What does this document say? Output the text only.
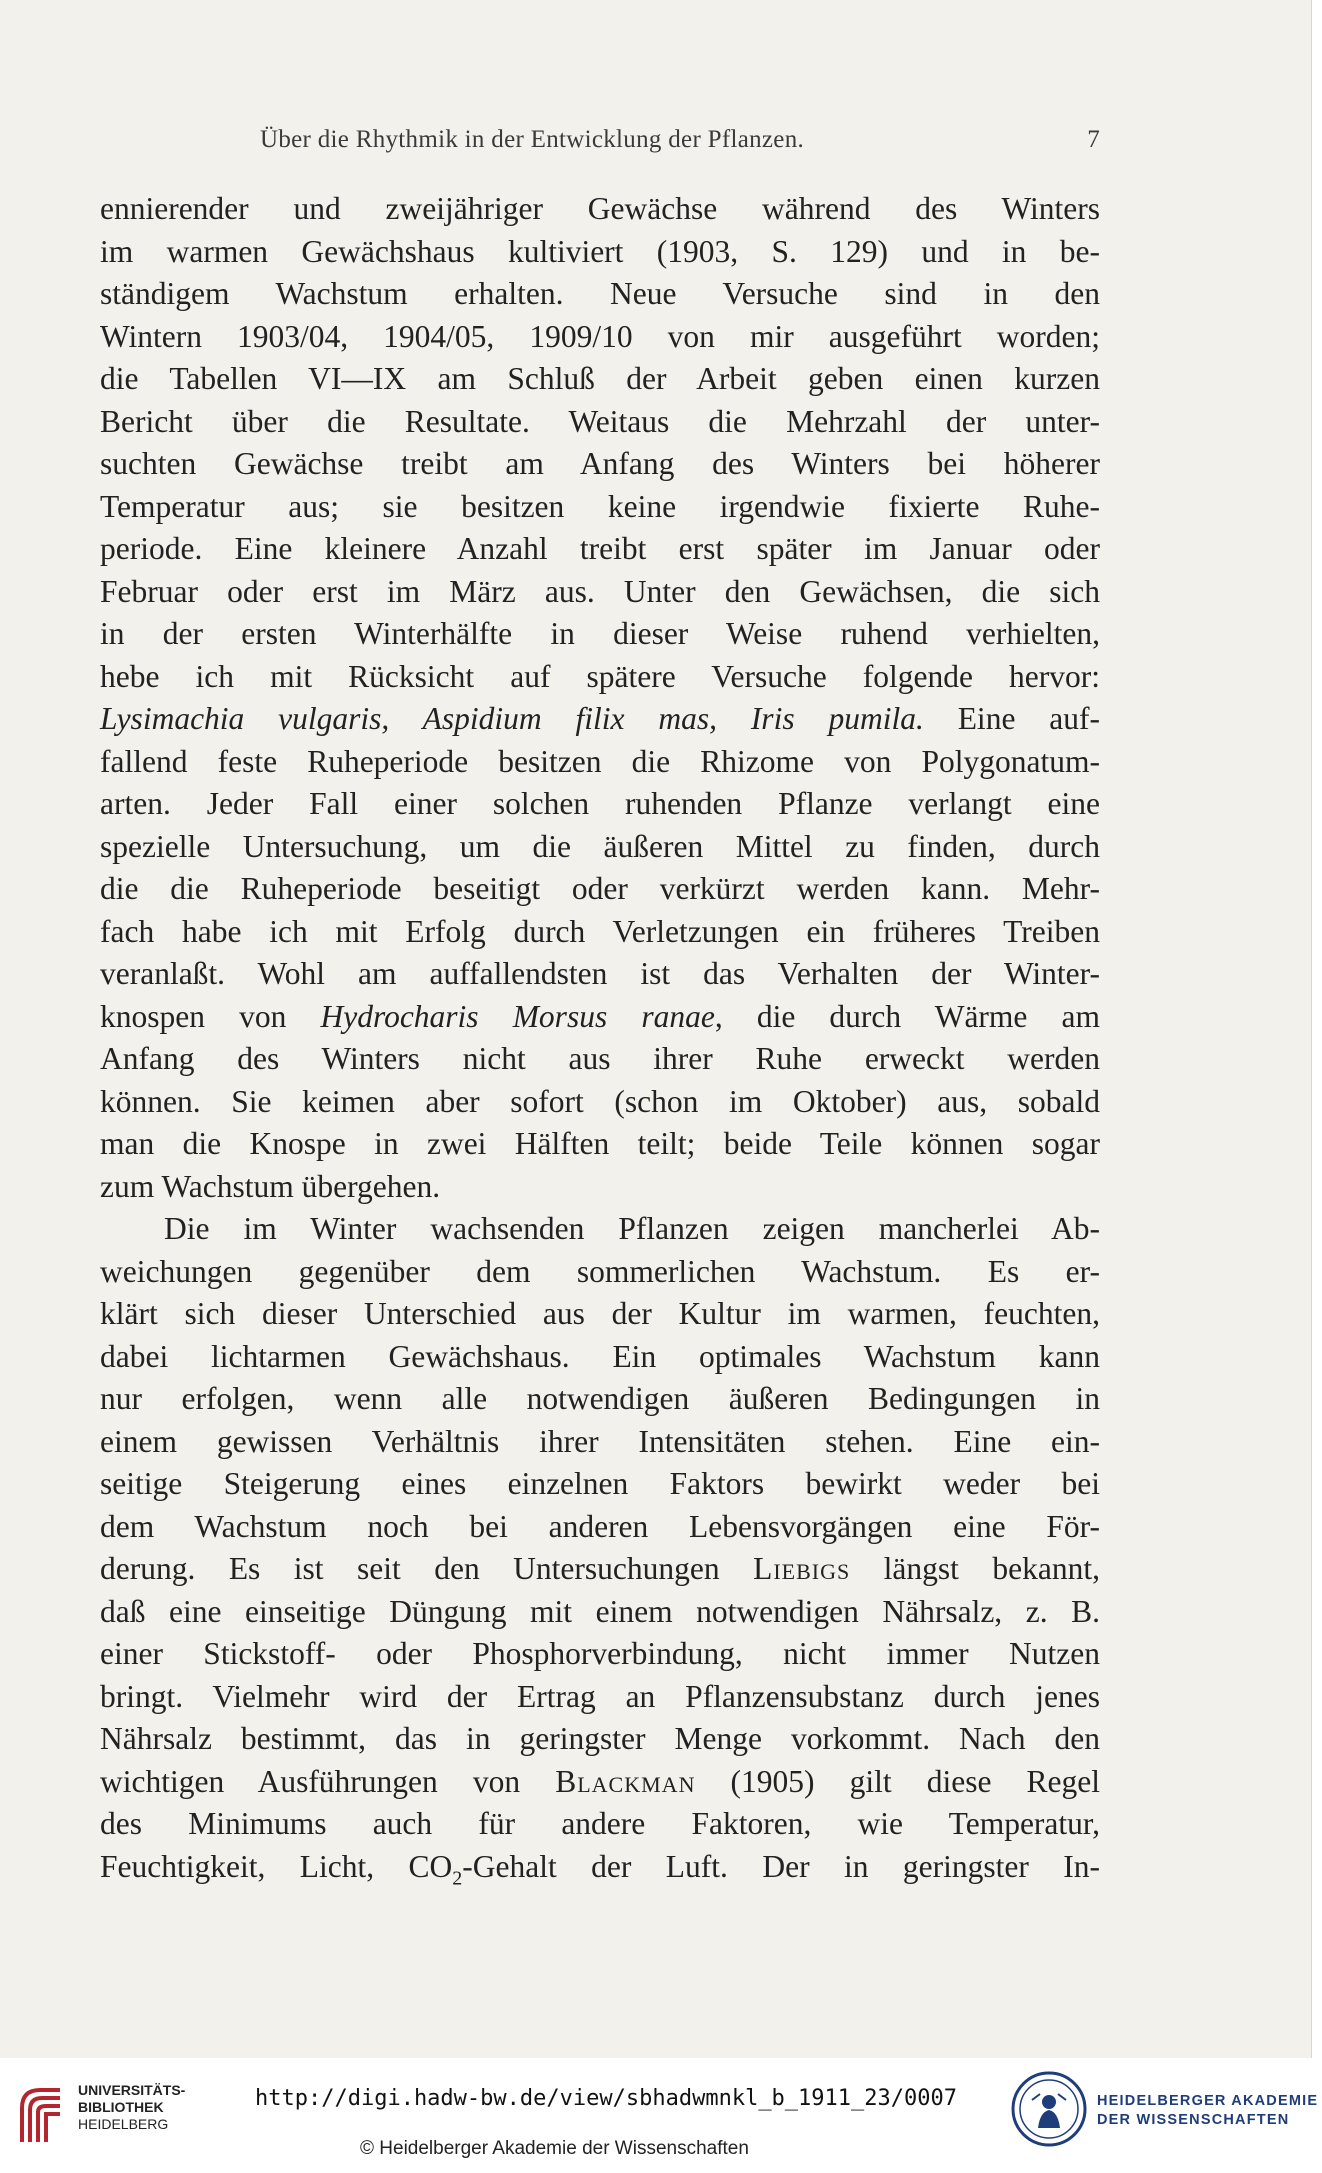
Über die Rhythmik in der Entwicklung der Pflanzen.	7
ennierender und zweijähriger Gewächse während des Winters
im warmen Gewächshaus kultiviert (1903, S. 129) und in be-
ständigem Wachstum erhalten. Neue Versuche sind in den
Wintern 1903/04, 1904/05, 1909/10 von mir ausgeführt worden;
die Tabellen VI—IX am Schluß der Arbeit geben einen kurzen
Bericht über die Resultate. Weitaus die Mehrzahl der unter-
suchten Gewächse treibt am Anfang des Winters bei höherer
Temperatur aus; sie besitzen keine irgendwie fixierte Ruhe-
periode. Eine kleinere Anzahl treibt erst später im Januar oder
Februar oder erst im März aus. Unter den Gewächsen, die sich
in der ersten Winterhälfte in dieser Weise ruhend verhielten,
hebe ich mit Rücksicht auf spätere Versuche folgende hervor:
Lysimachia vulgaris, Aspidium filix mas, Iris pumila. Eine auf-
fallend feste Ruheperiode besitzen die Rhizome von Polygonatum-
arten. Jeder Fall einer solchen ruhenden Pflanze verlangt eine
spezielle Untersuchung, um die äußeren Mittel zu finden, durch
die die Ruheperiode beseitigt oder verkürzt werden kann. Mehr-
fach habe ich mit Erfolg durch Verletzungen ein früheres Treiben
veranlaßt. Wohl am auffallendsten ist das Verhalten der Winter-
knospen von Hydrocharis Morsus ranae, die durch Wärme am
Anfang des Winters nicht aus ihrer Ruhe erweckt werden
können. Sie keimen aber sofort (schon im Oktober) aus, sobald
man die Knospe in zwei Hälften teilt; beide Teile können sogar
zum Wachstum übergehen.
Die im Winter wachsenden Pflanzen zeigen mancherlei Ab-
weichungen gegenüber dem sommerlichen Wachstum. Es er-
klärt sich dieser Unterschied aus der Kultur im warmen, feuchten,
dabei lichtarmen Gewächshaus. Ein optimales Wachstum kann
nur erfolgen, wenn alle notwendigen äußeren Bedingungen in
einem gewissen Verhältnis ihrer Intensitäten stehen. Eine ein-
seitige Steigerung eines einzelnen Faktors bewirkt weder bei
dem Wachstum noch bei anderen Lebensvorgängen eine För-
derung. Es ist seit den Untersuchungen Liebigs längst bekannt,
daß eine einseitige Düngung mit einem notwendigen Nährsalz, z. B.
einer Stickstoff- oder Phosphorverbindung, nicht immer Nutzen
bringt. Vielmehr wird der Ertrag an Pflanzensubstanz durch jenes
Nährsalz bestimmt, das in geringster Menge vorkommt. Nach den
wichtigen Ausführungen von Blackman (1905) gilt diese Regel
des Minimums auch für andere Faktoren, wie Temperatur,
Feuchtigkeit, Licht, $CO_2$-Gehalt der Luft. Der in geringster In-
UNIVERSITÄTS-
BIBLIOTHEK
HEIDELBERG
http://digi.hadw-bw.de/view/sbhadwmnkl_b_1911_23/0007
© Heidelberger Akademie der Wissenschaften
HEIDELBERGER AKADEMIE
DER WISSENSCHAFTEN
